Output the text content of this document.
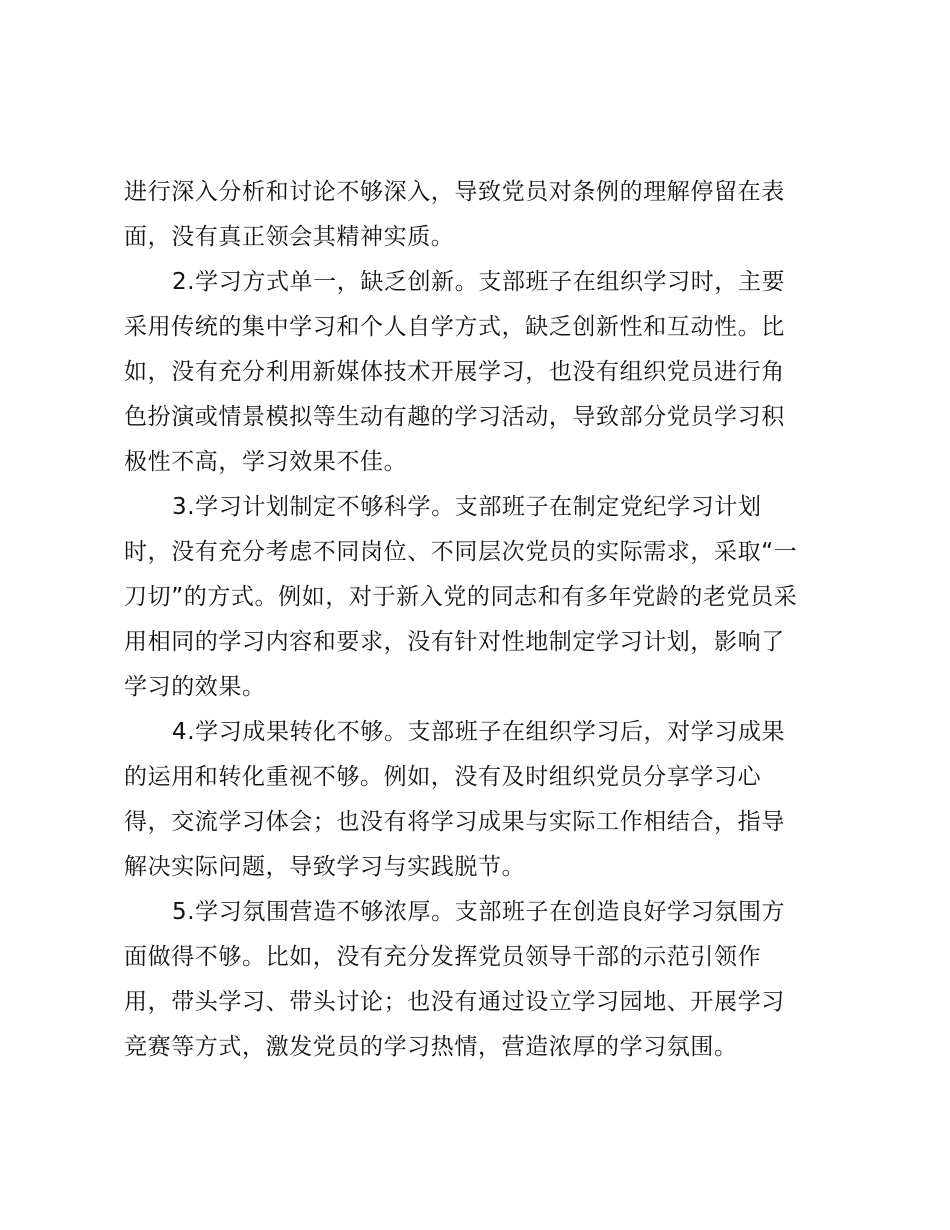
进行深入分析和讨论不够深入，导致党员对条例的理解停留在表
面，没有真正领会其精神实质。
2.学习方式单一，缺乏创新。支部班子在组织学习时，主要
采用传统的集中学习和个人自学方式，缺乏创新性和互动性。比
如，没有充分利用新媒体技术开展学习，也没有组织党员进行角
色扮演或情景模拟等生动有趣的学习活动，导致部分党员学习积
极性不高，学习效果不佳。
3.学习计划制定不够科学。支部班子在制定党纪学习计划
时，没有充分考虑不同岗位、不同层次党员的实际需求，采取“一
刀切”的方式。例如，对于新入党的同志和有多年党龄的老党员采
用相同的学习内容和要求，没有针对性地制定学习计划，影响了
学习的效果。
4.学习成果转化不够。支部班子在组织学习后，对学习成果
的运用和转化重视不够。例如，没有及时组织党员分享学习心
得，交流学习体会；也没有将学习成果与实际工作相结合，指导
解决实际问题，导致学习与实践脱节。
5.学习氛围营造不够浓厚。支部班子在创造良好学习氛围方
面做得不够。比如，没有充分发挥党员领导干部的示范引领作
用，带头学习、带头讨论；也没有通过设立学习园地、开展学习
竞赛等方式，激发党员的学习热情，营造浓厚的学习氛围。
